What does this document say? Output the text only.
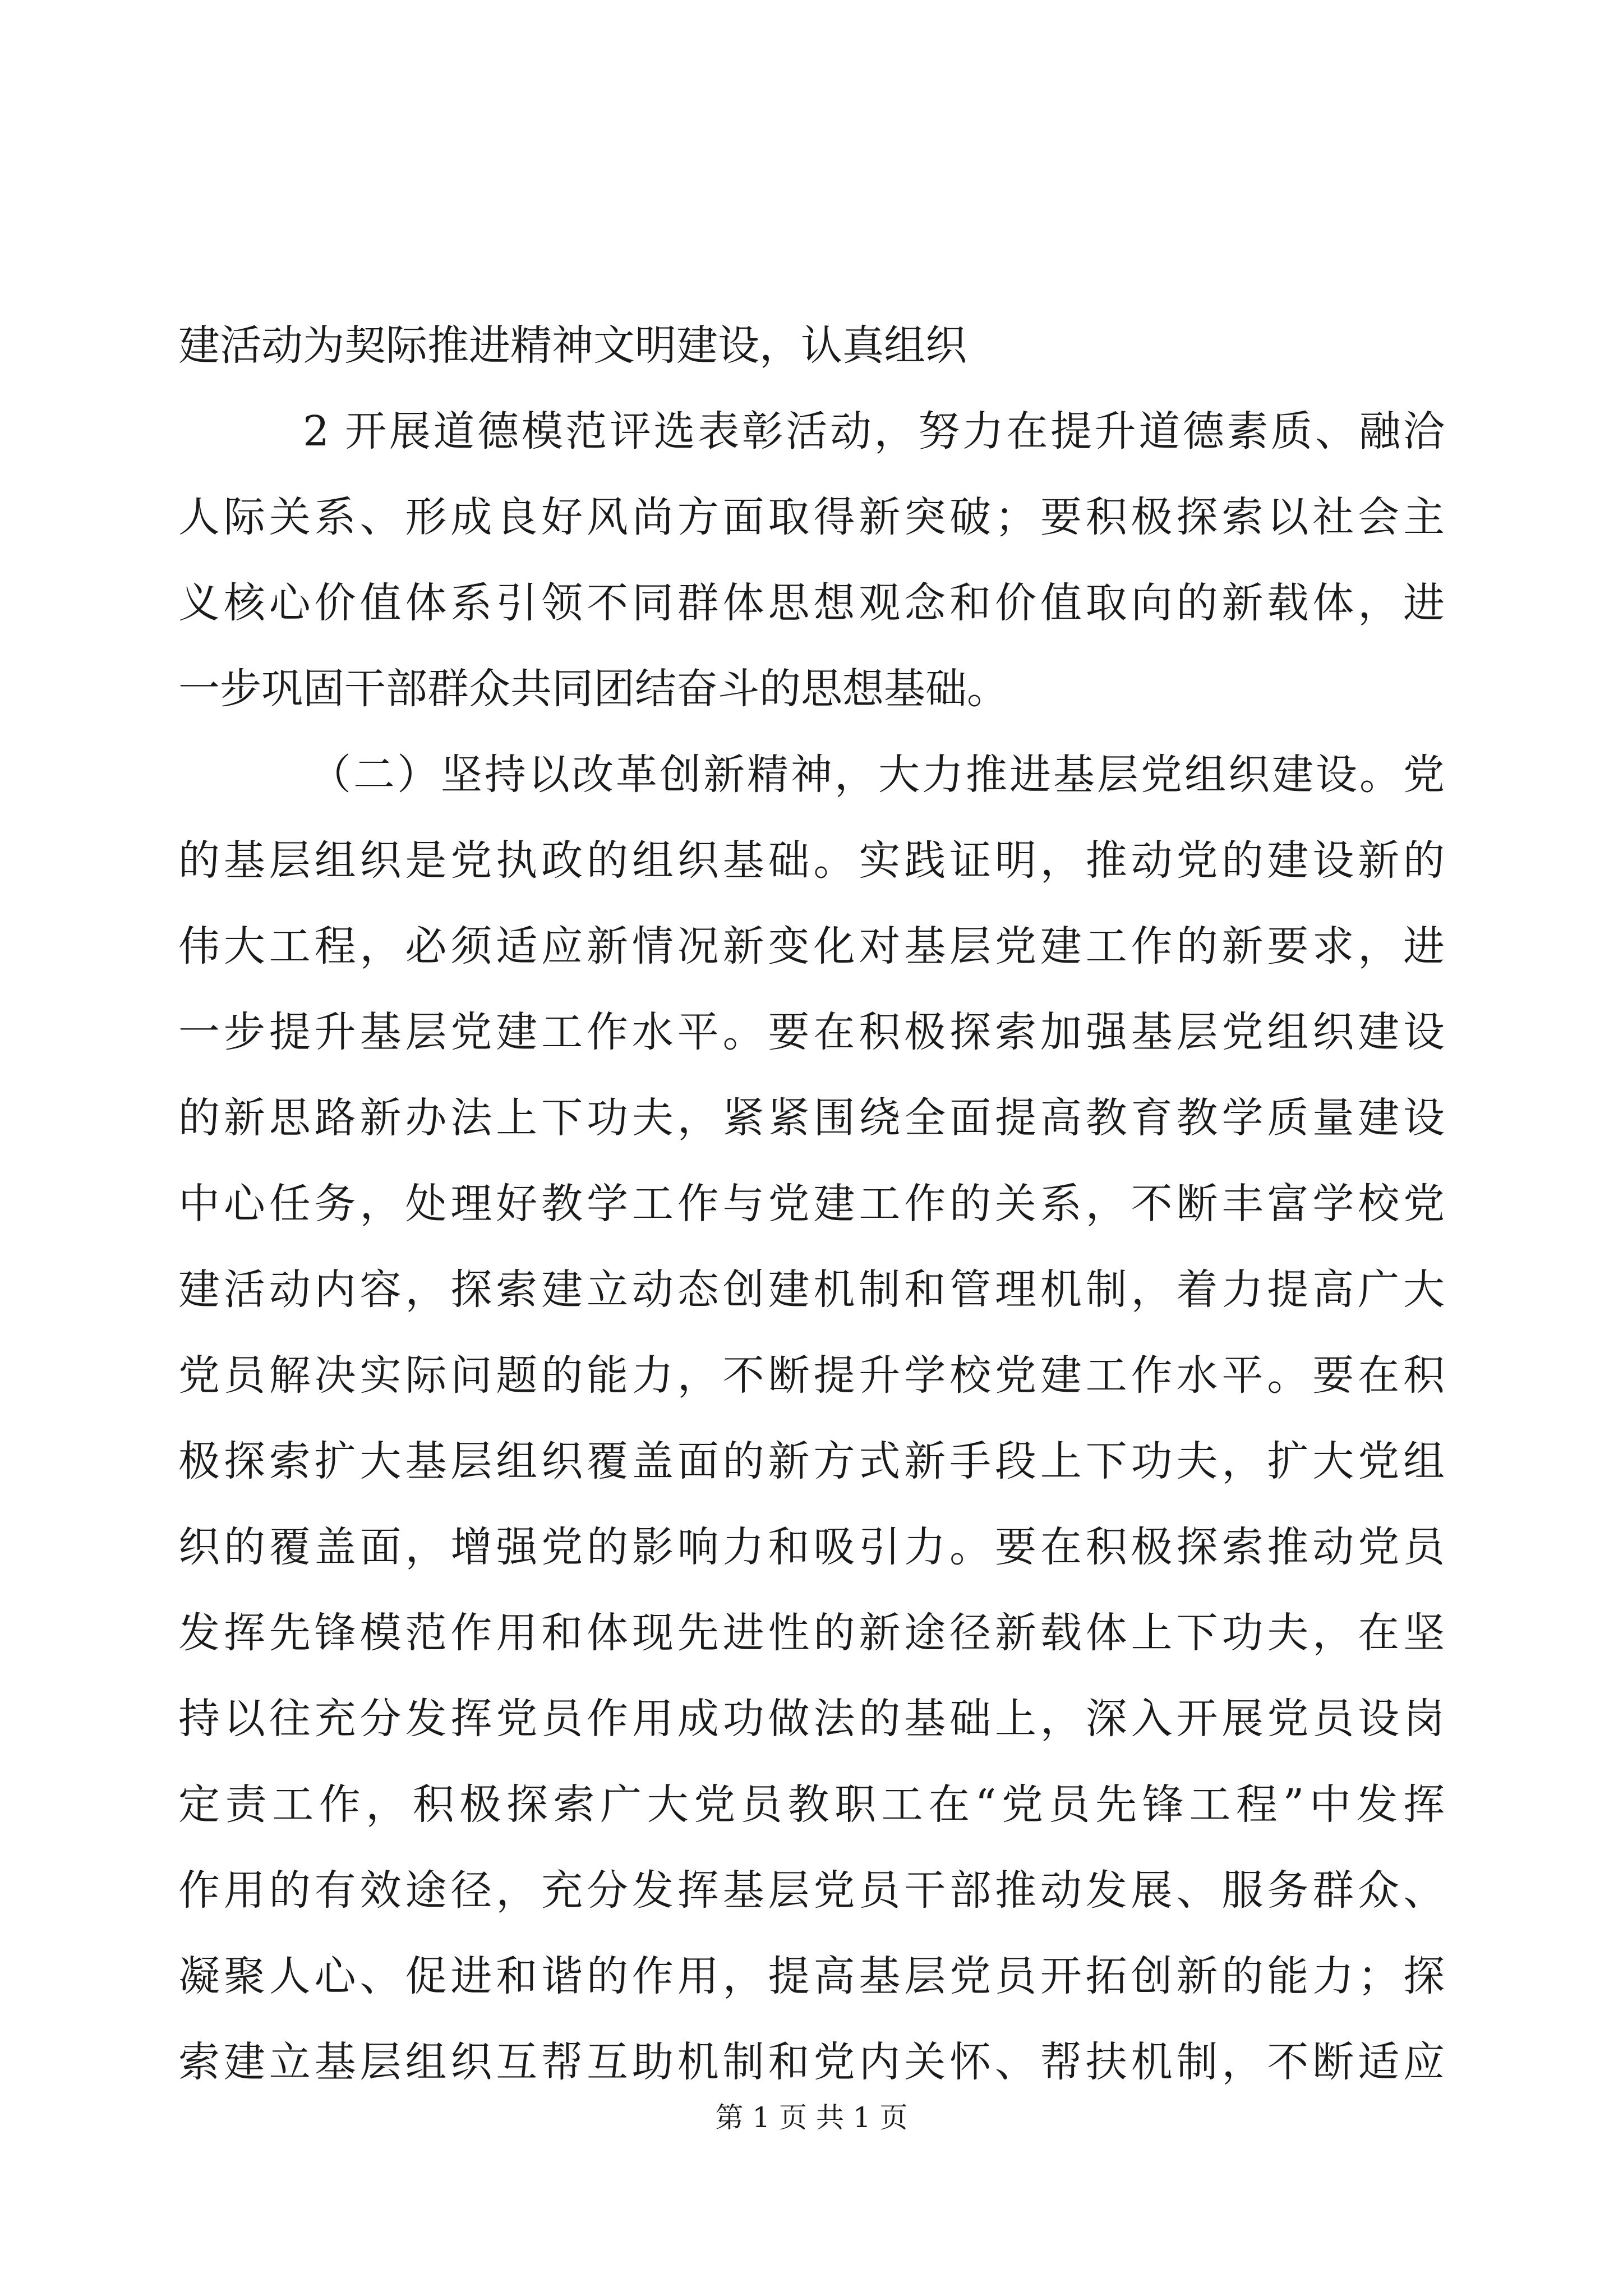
建活动为契际推进精神文明建设，认真组织
2 开展道德模范评选表彰活动，努力在提升道德素质、融洽
人际关系、形成良好风尚方面取得新突破；要积极探索以社会主
义核心价值体系引领不同群体思想观念和价值取向的新载体，进
一步巩固干部群众共同团结奋斗的思想基础。
（二）坚持以改革创新精神，大力推进基层党组织建设。党
的基层组织是党执政的组织基础。实践证明，推动党的建设新的
伟大工程，必须适应新情况新变化对基层党建工作的新要求，进
一步提升基层党建工作水平。要在积极探索加强基层党组织建设
的新思路新办法上下功夫，紧紧围绕全面提高教育教学质量建设
中心任务，处理好教学工作与党建工作的关系，不断丰富学校党
建活动内容，探索建立动态创建机制和管理机制，着力提高广大
党员解决实际问题的能力，不断提升学校党建工作水平。要在积
极探索扩大基层组织覆盖面的新方式新手段上下功夫，扩大党组
织的覆盖面，增强党的影响力和吸引力。要在积极探索推动党员
发挥先锋模范作用和体现先进性的新途径新载体上下功夫，在坚
持以往充分发挥党员作用成功做法的基础上，深入开展党员设岗
定责工作，积极探索广大党员教职工在“党员先锋工程”中发挥
作用的有效途径，充分发挥基层党员干部推动发展、服务群众、
凝聚人心、促进和谐的作用，提高基层党员开拓创新的能力；探
索建立基层组织互帮互助机制和党内关怀、帮扶机制，不断适应
第 1 页 共 1 页
